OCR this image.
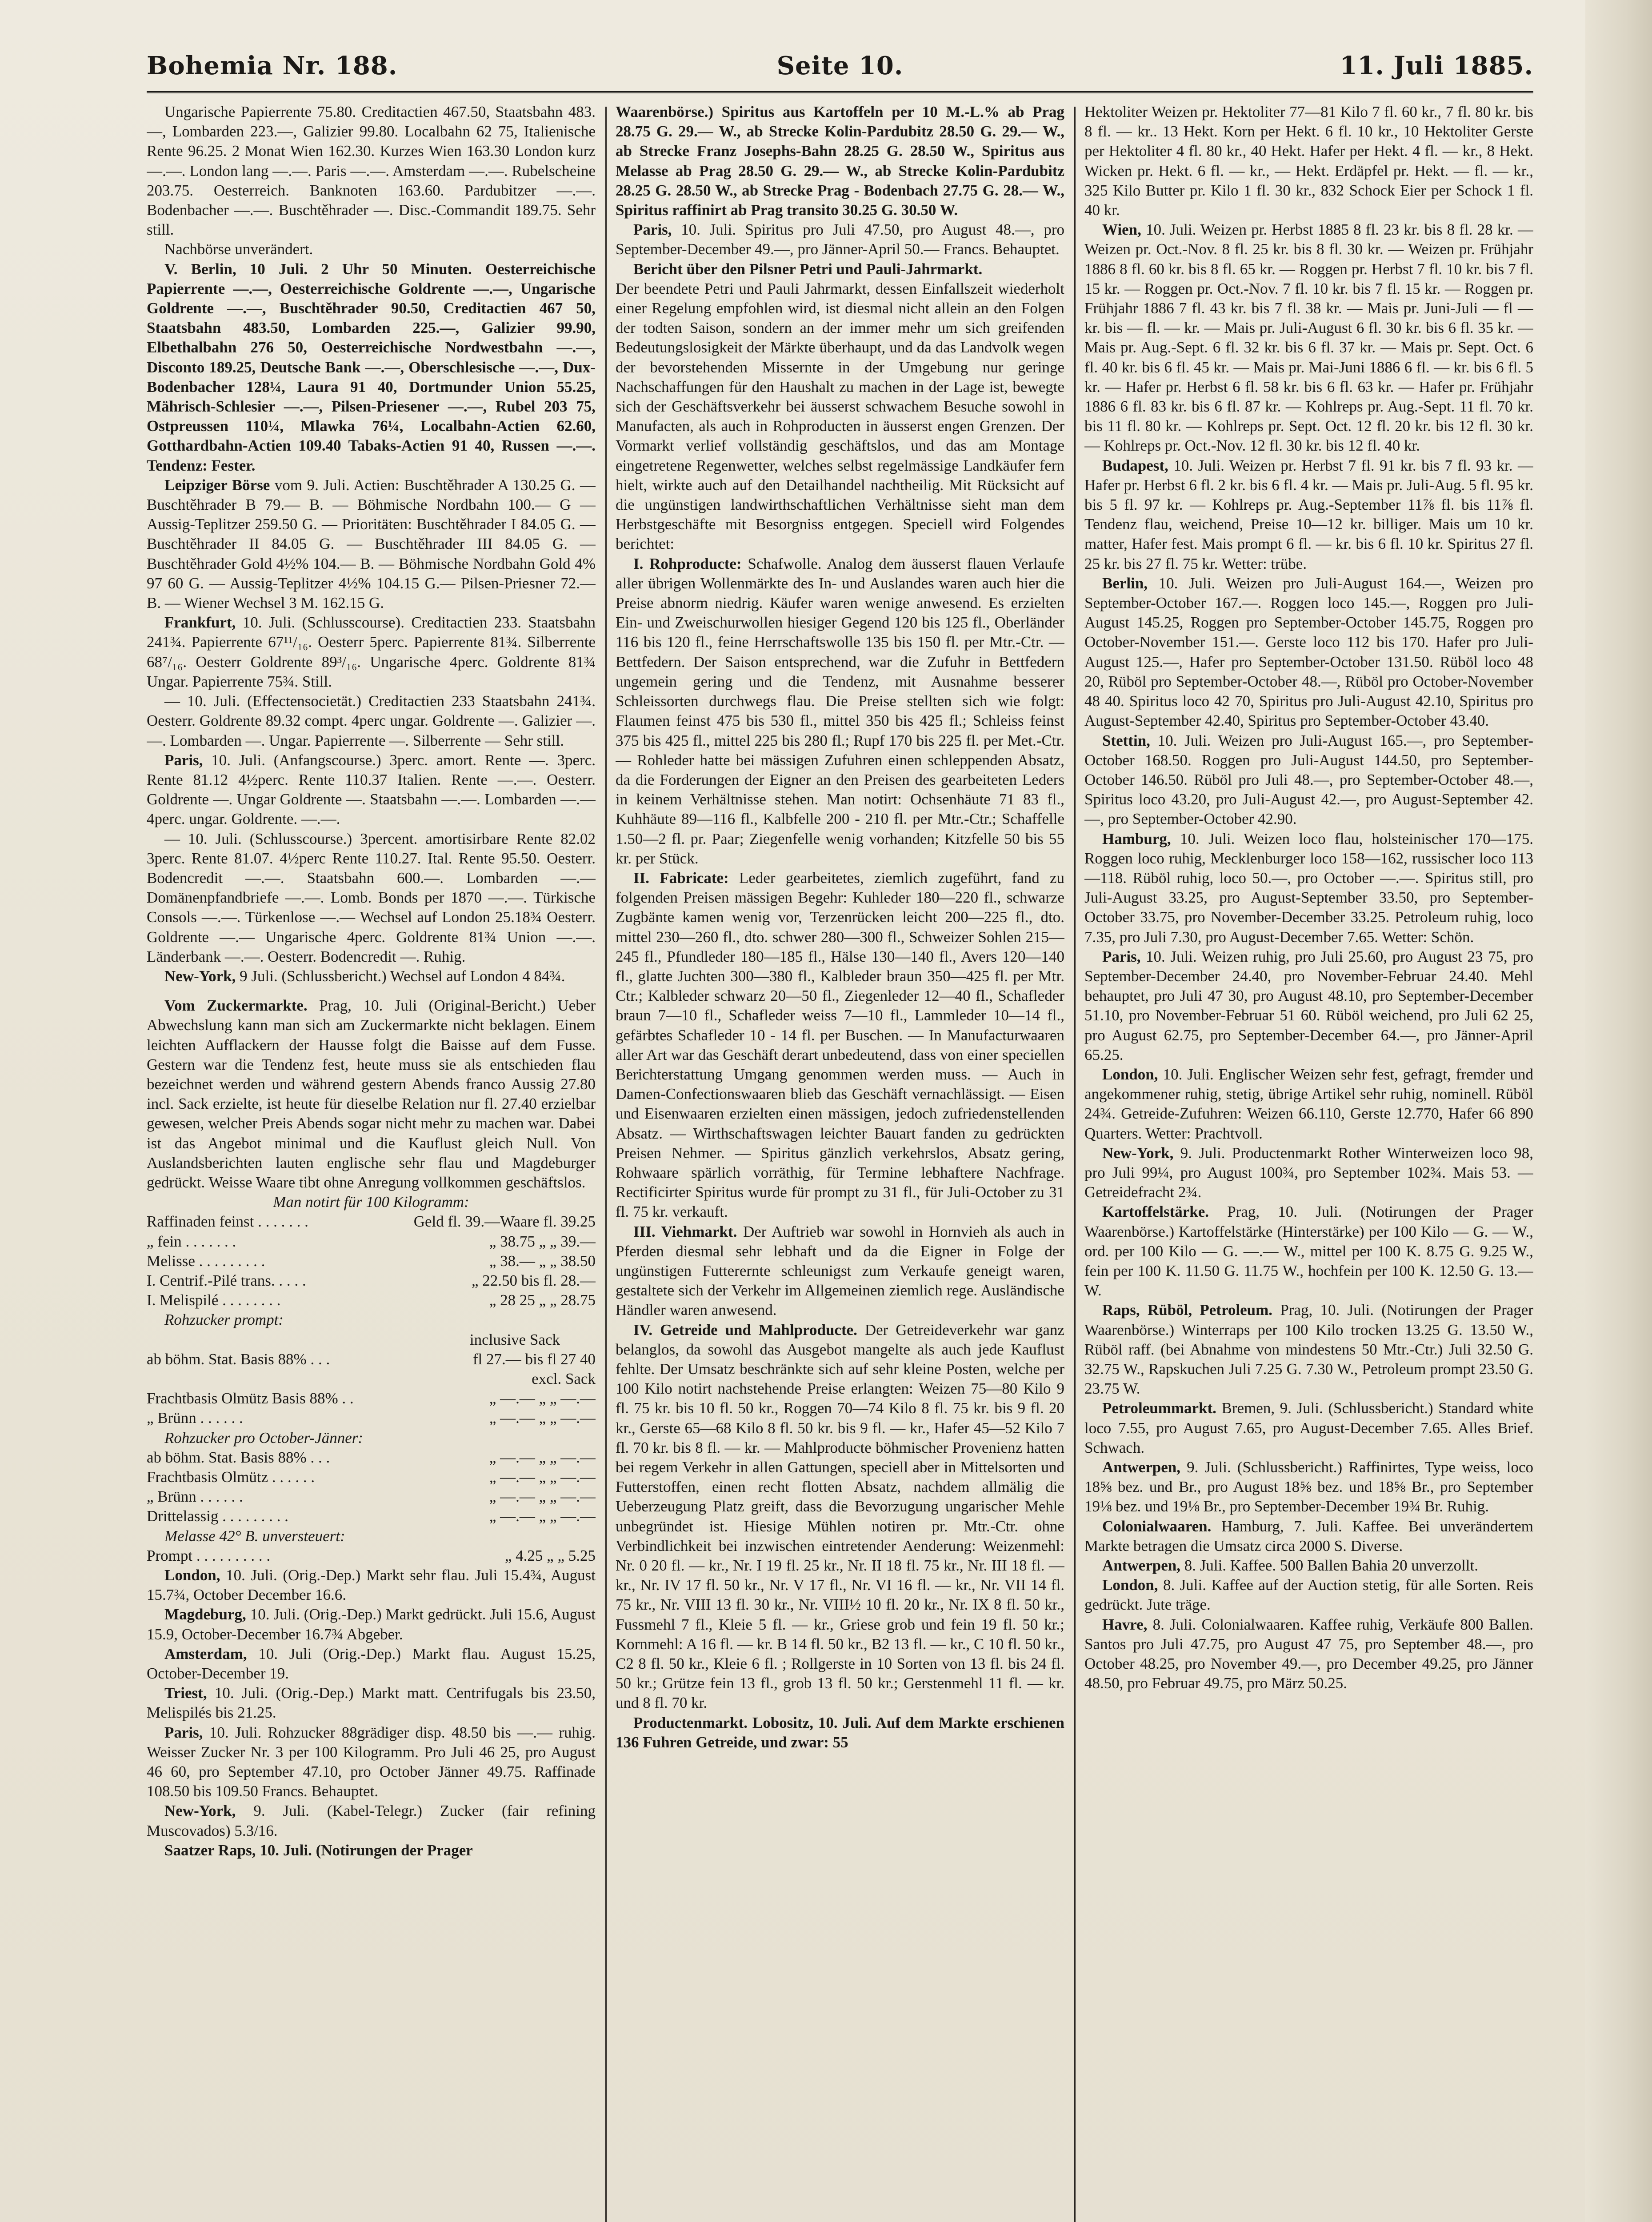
Bohemia Nr. 188.	Seite 10.	11. Juli 1885.

Ungarische Papierrente 75.80. Creditactien 467.50, Staatsbahn 483.—, Lombarden 223.—, Galizier 99.80. Localbahn 62 75, Italienische Rente 96.25. 2 Monat Wien 162.30. Kurzes Wien 163.30 London kurz —.—. London lang —.—. Paris —.—. Amsterdam —.—. Rubelscheine 203.75. Oesterreich. Banknoten 163.60. Pardubitzer —.—. Bodenbacher —.—. Buschtěhrader —. Disc.-Commandit 189.75. Sehr still.

Nachbörse unverändert.

V. Berlin, 10 Juli. 2 Uhr 50 Minuten. Oesterreichische Papierrente —.—, Oesterreichische Goldrente —.—, Ungarische Goldrente —.—, Buschtěhrader 90.50, Creditactien 467 50, Staatsbahn 483.50, Lombarden 225.—, Galizier 99.90, Elbethalbahn 276 50, Oesterreichische Nordwestbahn —.—, Disconto 189.25, Deutsche Bank —.—, Oberschlesische —.—, Dux-Bodenbacher 128¼, Laura 91 40, Dortmunder Union 55.25, Mährisch-Schlesier —.—, Pilsen-Priesener —.—, Rubel 203 75, Ostpreussen 110¼, Mlawka 76¼, Localbahn-Actien 62.60, Gotthardbahn-Actien 109.40 Tabaks-Actien 91 40, Russen —.—. Tendenz: Fester.

Leipziger Börse vom 9. Juli. Actien: Buschtěhrader A 130.25 G. — Buschtěhrader B 79.— B. — Böhmische Nordbahn 100.— G — Aussig-Teplitzer 259.50 G. — Prioritäten: Buschtěhrader I 84.05 G. — Buschtěhrader II 84.05 G. — Buschtěhrader III 84.05 G. — Buschtěhrader Gold 4½% 104.— B. — Böhmische Nordbahn Gold 4% 97 60 G. — Aussig-Teplitzer 4½% 104.15 G.— Pilsen-Priesner 72.— B. — Wiener Wechsel 3 M. 162.15 G.

Frankfurt, 10. Juli. (Schlusscourse). Creditactien 233. Staatsbahn 241¾. Papierrente 67¹¹/₁₆. Oesterr 5perc. Papierrente 81¾. Silberrente 68⁷/₁₆. Oesterr Goldrente 89³/₁₆. Ungarische 4perc. Goldrente 81¾ Ungar. Papierrente 75¾. Still.

— 10. Juli. (Effectensocietät.) Creditactien 233 Staatsbahn 241¾. Oesterr. Goldrente 89.32 compt. 4perc ungar. Goldrente —. Galizier —.—. Lombarden —. Ungar. Papierrente —. Silberrente — Sehr still.

Paris, 10. Juli. (Anfangscourse.) 3perc. amort. Rente —. 3perc. Rente 81.12 4½perc. Rente 110.37 Italien. Rente —.—. Oesterr. Goldrente —. Ungar Goldrente —. Staatsbahn —.—. Lombarden —.— 4perc. ungar. Goldrente. —.—.

— 10. Juli. (Schlusscourse.) 3percent. amortisirbare Rente 82.02 3perc. Rente 81.07. 4½perc Rente 110.27. Ital. Rente 95.50. Oesterr. Bodencredit —.—. Staatsbahn 600.—. Lombarden —.— Domänenpfandbriefe —.—. Lomb. Bonds per 1870 —.—. Türkische Consols —.—. Türkenlose —.— Wechsel auf London 25.18¾ Oesterr. Goldrente —.— Ungarische 4perc. Goldrente 81¾ Union —.—. Länderbank —.—. Oesterr. Bodencredit —. Ruhig.

New-York, 9 Juli. (Schlussbericht.) Wechsel auf London 4 84¾.

Vom Zuckermarkte. Prag, 10. Juli (Original-Bericht.) Ueber Abwechslung kann man sich am Zuckermarkte nicht beklagen. Einem leichten Aufflackern der Hausse folgt die Baisse auf dem Fusse. Gestern war die Tendenz fest, heute muss sie als entschieden flau bezeichnet werden und während gestern Abends franco Aussig 27.80 incl. Sack erzielte, ist heute für dieselbe Relation nur fl. 27.40 erzielbar gewesen, welcher Preis Abends sogar nicht mehr zu machen war. Dabei ist das Angebot minimal und die Kauflust gleich Null. Von Auslandsberichten lauten englische sehr flau und Magdeburger gedrückt. Weisse Waare tibt ohne Anregung vollkommen geschäftslos.

Man notirt für 100 Kilogramm:

Raffinaden feinst . . . . . . .	Geld fl. 39.—Waare fl. 39.25
„ fein . . . . . . .	„ 38.75 „ „ 39.—
Melisse . . . . . . . . .	„ 38.— „ „ 38.50
I. Centrif.-Pilé trans. . . . .	„ 22.50 bis fl. 28.—
I. Melispilé . . . . . . . .	„ 28 25 „ „ 28.75

Rohzucker prompt:

inclusive Sack

ab böhm. Stat. Basis 88% . . .	fl 27.— bis fl 27 40
	excl. Sack
Frachtbasis Olmütz Basis 88% . .	„ —.— „ „ —.—
„ Brünn . . . . . .	„ —.— „ „ —.—

Rohzucker pro October-Jänner:

ab böhm. Stat. Basis 88% . . .	„ —.— „ „ —.—
Frachtbasis Olmütz . . . . . .	„ —.— „ „ —.—
„ Brünn . . . . . .	„ —.— „ „ —.—
Drittelassig . . . . . . . . .	„ —.— „ „ —.—

Melasse 42° B. unversteuert:

Prompt . . . . . . . . . .	„ 4.25 „ „ 5.25

London, 10. Juli. (Orig.-Dep.) Markt sehr flau. Juli 15.4¾, August 15.7¾, October December 16.6.

Magdeburg, 10. Juli. (Orig.-Dep.) Markt gedrückt. Juli 15.6, August 15.9, October-December 16.7¾ Abgeber.

Amsterdam, 10. Juli (Orig.-Dep.) Markt flau. August 15.25, October-December 19.

Triest, 10. Juli. (Orig.-Dep.) Markt matt. Centrifugals bis 23.50, Melispilés bis 21.25.

Paris, 10. Juli. Rohzucker 88grädiger disp. 48.50 bis —.— ruhig. Weisser Zucker Nr. 3 per 100 Kilogramm. Pro Juli 46 25, pro August 46 60, pro September 47.10, pro October Jänner 49.75. Raffinade 108.50 bis 109.50 Francs. Behauptet.

New-York, 9. Juli. (Kabel-Telegr.) Zucker (fair refining Muscovados) 5.3/16.

Saatzer Raps, 10. Juli. (Notirungen der Prager

Waarenbörse.) Spiritus aus Kartoffeln per 10 M.-L.% ab Prag 28.75 G. 29.— W., ab Strecke Kolin-Pardubitz 28.50 G. 29.— W., ab Strecke Franz Josephs-Bahn 28.25 G. 28.50 W., Spiritus aus Melasse ab Prag 28.50 G. 29.— W., ab Strecke Kolin-Pardubitz 28.25 G. 28.50 W., ab Strecke Prag - Bodenbach 27.75 G. 28.— W., Spiritus raffinirt ab Prag transito 30.25 G. 30.50 W.

Paris, 10. Juli. Spiritus pro Juli 47.50, pro August 48.—, pro September-December 49.—, pro Jänner-April 50.— Francs. Behauptet.

Bericht über den Pilsner Petri und Pauli-Jahrmarkt.

Der beendete Petri und Pauli Jahrmarkt, dessen Einfallszeit wiederholt einer Regelung empfohlen wird, ist diesmal nicht allein an den Folgen der todten Saison, sondern an der immer mehr um sich greifenden Bedeutungslosigkeit der Märkte überhaupt, und da das Landvolk wegen der bevorstehenden Missernte in der Umgebung nur geringe Nachschaffungen für den Haushalt zu machen in der Lage ist, bewegte sich der Geschäftsverkehr bei äusserst schwachem Besuche sowohl in Manufacten, als auch in Rohproducten in äusserst engen Grenzen. Der Vormarkt verlief vollständig geschäftslos, und das am Montage eingetretene Regenwetter, welches selbst regelmässige Landkäufer fern hielt, wirkte auch auf den Detailhandel nachtheilig. Mit Rücksicht auf die ungünstigen landwirthschaftlichen Verhältnisse sieht man dem Herbstgeschäfte mit Besorgniss entgegen. Speciell wird Folgendes berichtet:

I. Rohproducte: Schafwolle. Analog dem äusserst flauen Verlaufe aller übrigen Wollenmärkte des In- und Auslandes waren auch hier die Preise abnorm niedrig. Käufer waren wenige anwesend. Es erzielten Ein- und Zweischurwollen hiesiger Gegend 120 bis 125 fl., Oberländer 116 bis 120 fl., feine Herrschaftswolle 135 bis 150 fl. per Mtr.-Ctr. — Bettfedern. Der Saison entsprechend, war die Zufuhr in Bettfedern ungemein gering und die Tendenz, mit Ausnahme besserer Schleissorten durchwegs flau. Die Preise stellten sich wie folgt: Flaumen feinst 475 bis 530 fl., mittel 350 bis 425 fl.; Schleiss feinst 375 bis 425 fl., mittel 225 bis 280 fl.; Rupf 170 bis 225 fl. per Met.-Ctr. — Rohleder hatte bei mässigen Zufuhren einen schleppenden Absatz, da die Forderungen der Eigner an den Preisen des gearbeiteten Leders in keinem Verhältnisse stehen. Man notirt: Ochsenhäute 71 83 fl., Kuhhäute 89—116 fl., Kalbfelle 200 - 210 fl. per Mtr.-Ctr.; Schaffelle 1.50—2 fl. pr. Paar; Ziegenfelle wenig vorhanden; Kitzfelle 50 bis 55 kr. per Stück.

II. Fabricate: Leder gearbeitetes, ziemlich zugeführt, fand zu folgenden Preisen mässigen Begehr: Kuhleder 180—220 fl., schwarze Zugbänte kamen wenig vor, Terzenrücken leicht 200—225 fl., dto. mittel 230—260 fl., dto. schwer 280—300 fl., Schweizer Sohlen 215—245 fl., Pfundleder 180—185 fl., Hälse 130—140 fl., Avers 120—140 fl., glatte Juchten 300—380 fl., Kalbleder braun 350—425 fl. per Mtr. Ctr.; Kalbleder schwarz 20—50 fl., Ziegenleder 12—40 fl., Schafleder braun 7—10 fl., Schafleder weiss 7—10 fl., Lammleder 10—14 fl., gefärbtes Schafleder 10 - 14 fl. per Buschen. — In Manufacturwaaren aller Art war das Geschäft derart unbedeutend, dass von einer speciellen Berichterstattung Umgang genommen werden muss. — Auch in Damen-Confectionswaaren blieb das Geschäft vernachlässigt. — Eisen und Eisenwaaren erzielten einen mässigen, jedoch zufriedenstellenden Absatz. — Wirthschaftswagen leichter Bauart fanden zu gedrückten Preisen Nehmer. — Spiritus gänzlich verkehrslos, Absatz gering, Rohwaare spärlich vorräthig, für Termine lebhaftere Nachfrage. Rectificirter Spiritus wurde für prompt zu 31 fl., für Juli-October zu 31 fl. 75 kr. verkauft.

III. Viehmarkt. Der Auftrieb war sowohl in Hornvieh als auch in Pferden diesmal sehr lebhaft und da die Eigner in Folge der ungünstigen Futterernte schleunigst zum Verkaufe geneigt waren, gestaltete sich der Verkehr im Allgemeinen ziemlich rege. Ausländische Händler waren anwesend.

IV. Getreide und Mahlproducte. Der Getreideverkehr war ganz belanglos, da sowohl das Ausgebot mangelte als auch jede Kauflust fehlte. Der Umsatz beschränkte sich auf sehr kleine Posten, welche per 100 Kilo notirt nachstehende Preise erlangten: Weizen 75—80 Kilo 9 fl. 75 kr. bis 10 fl. 50 kr., Roggen 70—74 Kilo 8 fl. 75 kr. bis 9 fl. 20 kr., Gerste 65—68 Kilo 8 fl. 50 kr. bis 9 fl. — kr., Hafer 45—52 Kilo 7 fl. 70 kr. bis 8 fl. — kr. — Mahlproducte böhmischer Provenienz hatten bei regem Verkehr in allen Gattungen, speciell aber in Mittelsorten und Futterstoffen, einen recht flotten Absatz, nachdem allmälig die Ueberzeugung Platz greift, dass die Bevorzugung ungarischer Mehle unbegründet ist. Hiesige Mühlen notiren pr. Mtr.-Ctr. ohne Verbindlichkeit bei inzwischen eintretender Aenderung: Weizenmehl: Nr. 0 20 fl. — kr., Nr. I 19 fl. 25 kr., Nr. II 18 fl. 75 kr., Nr. III 18 fl. — kr., Nr. IV 17 fl. 50 kr., Nr. V 17 fl., Nr. VI 16 fl. — kr., Nr. VII 14 fl. 75 kr., Nr. VIII 13 fl. 30 kr., Nr. VIII½ 10 fl. 20 kr., Nr. IX 8 fl. 50 kr., Fussmehl 7 fl., Kleie 5 fl. — kr., Griese grob und fein 19 fl. 50 kr.; Kornmehl: A 16 fl. — kr. B 14 fl. 50 kr., B2 13 fl. — kr., C 10 fl. 50 kr., C2 8 fl. 50 kr., Kleie 6 fl. ; Rollgerste in 10 Sorten von 13 fl. bis 24 fl. 50 kr.; Grütze fein 13 fl., grob 13 fl. 50 kr.; Gerstenmehl 11 fl. — kr. und 8 fl. 70 kr.

Productenmarkt. Lobositz, 10. Juli. Auf dem Markte erschienen 136 Fuhren Getreide, und zwar: 55

Hektoliter Weizen pr. Hektoliter 77—81 Kilo 7 fl. 60 kr., 7 fl. 80 kr. bis 8 fl. — kr.. 13 Hekt. Korn per Hekt. 6 fl. 10 kr., 10 Hektoliter Gerste per Hektoliter 4 fl. 80 kr., 40 Hekt. Hafer per Hekt. 4 fl. — kr., 8 Hekt. Wicken pr. Hekt. 6 fl. — kr., — Hekt. Erdäpfel pr. Hekt. — fl. — kr., 325 Kilo Butter pr. Kilo 1 fl. 30 kr., 832 Schock Eier per Schock 1 fl. 40 kr.

Wien, 10. Juli. Weizen pr. Herbst 1885 8 fl. 23 kr. bis 8 fl. 28 kr. — Weizen pr. Oct.-Nov. 8 fl. 25 kr. bis 8 fl. 30 kr. — Weizen pr. Frühjahr 1886 8 fl. 60 kr. bis 8 fl. 65 kr. — Roggen pr. Herbst 7 fl. 10 kr. bis 7 fl. 15 kr. — Roggen pr. Oct.-Nov. 7 fl. 10 kr. bis 7 fl. 15 kr. — Roggen pr. Frühjahr 1886 7 fl. 43 kr. bis 7 fl. 38 kr. — Mais pr. Juni-Juli — fl — kr. bis — fl. — kr. — Mais pr. Juli-August 6 fl. 30 kr. bis 6 fl. 35 kr. — Mais pr. Aug.-Sept. 6 fl. 32 kr. bis 6 fl. 37 kr. — Mais pr. Sept. Oct. 6 fl. 40 kr. bis 6 fl. 45 kr. — Mais pr. Mai-Juni 1886 6 fl. — kr. bis 6 fl. 5 kr. — Hafer pr. Herbst 6 fl. 58 kr. bis 6 fl. 63 kr. — Hafer pr. Frühjahr 1886 6 fl. 83 kr. bis 6 fl. 87 kr. — Kohlreps pr. Aug.-Sept. 11 fl. 70 kr. bis 11 fl. 80 kr. — Kohlreps pr. Sept. Oct. 12 fl. 20 kr. bis 12 fl. 30 kr. — Kohlreps pr. Oct.-Nov. 12 fl. 30 kr. bis 12 fl. 40 kr.

Budapest, 10. Juli. Weizen pr. Herbst 7 fl. 91 kr. bis 7 fl. 93 kr. — Hafer pr. Herbst 6 fl. 2 kr. bis 6 fl. 4 kr. — Mais pr. Juli-Aug. 5 fl. 95 kr. bis 5 fl. 97 kr. — Kohlreps pr. Aug.-September 11⅞ fl. bis 11⅞ fl. Tendenz flau, weichend, Preise 10—12 kr. billiger. Mais um 10 kr. matter, Hafer fest. Mais prompt 6 fl. — kr. bis 6 fl. 10 kr. Spiritus 27 fl. 25 kr. bis 27 fl. 75 kr. Wetter: trübe.

Berlin, 10. Juli. Weizen pro Juli-August 164.—, Weizen pro September-October 167.—. Roggen loco 145.—, Roggen pro Juli-August 145.25, Roggen pro September-October 145.75, Roggen pro October-November 151.—. Gerste loco 112 bis 170. Hafer pro Juli-August 125.—, Hafer pro September-October 131.50. Rüböl loco 48 20, Rüböl pro September-October 48.—, Rüböl pro October-November 48 40. Spiritus loco 42 70, Spiritus pro Juli-August 42.10, Spiritus pro August-September 42.40, Spiritus pro September-October 43.40.

Stettin, 10. Juli. Weizen pro Juli-August 165.—, pro September-October 168.50. Roggen pro Juli-August 144.50, pro September-October 146.50. Rüböl pro Juli 48.—, pro September-October 48.—, Spiritus loco 43.20, pro Juli-August 42.—, pro August-September 42.—, pro September-October 42.90.

Hamburg, 10. Juli. Weizen loco flau, holsteinischer 170—175. Roggen loco ruhig, Mecklenburger loco 158—162, russischer loco 113—118. Rüböl ruhig, loco 50.—, pro October —.—. Spiritus still, pro Juli-August 33.25, pro August-September 33.50, pro September-October 33.75, pro November-December 33.25. Petroleum ruhig, loco 7.35, pro Juli 7.30, pro August-December 7.65. Wetter: Schön.

Paris, 10. Juli. Weizen ruhig, pro Juli 25.60, pro August 23 75, pro September-December 24.40, pro November-Februar 24.40. Mehl behauptet, pro Juli 47 30, pro August 48.10, pro September-December 51.10, pro November-Februar 51 60. Rüböl weichend, pro Juli 62 25, pro August 62.75, pro September-December 64.—, pro Jänner-April 65.25.

London, 10. Juli. Englischer Weizen sehr fest, gefragt, fremder und angekommener ruhig, stetig, übrige Artikel sehr ruhig, nominell. Rüböl 24¾. Getreide-Zufuhren: Weizen 66.110, Gerste 12.770, Hafer 66 890 Quarters. Wetter: Prachtvoll.

New-York, 9. Juli. Productenmarkt Rother Winterweizen loco 98, pro Juli 99¼, pro August 100¾, pro September 102¾. Mais 53. — Getreidefracht 2¾.

Kartoffelstärke. Prag, 10. Juli. (Notirungen der Prager Waarenbörse.) Kartoffelstärke (Hinterstärke) per 100 Kilo — G. — W., ord. per 100 Kilo — G. —.— W., mittel per 100 K. 8.75 G. 9.25 W., fein per 100 K. 11.50 G. 11.75 W., hochfein per 100 K. 12.50 G. 13.— W.

Raps, Rüböl, Petroleum. Prag, 10. Juli. (Notirungen der Prager Waarenbörse.) Winterraps per 100 Kilo trocken 13.25 G. 13.50 W., Rüböl raff. (bei Abnahme von mindestens 50 Mtr.-Ctr.) Juli 32.50 G. 32.75 W., Rapskuchen Juli 7.25 G. 7.30 W., Petroleum prompt 23.50 G. 23.75 W.

Petroleummarkt. Bremen, 9. Juli. (Schlussbericht.) Standard white loco 7.55, pro August 7.65, pro August-December 7.65. Alles Brief. Schwach.

Antwerpen, 9. Juli. (Schlussbericht.) Raffinirtes, Type weiss, loco 18⅝ bez. und Br., pro August 18⅝ bez. und 18⅝ Br., pro September 19⅛ bez. und 19⅛ Br., pro September-December 19¾ Br. Ruhig.

Colonialwaaren. Hamburg, 7. Juli. Kaffee. Bei unverändertem Markte betragen die Umsatz circa 2000 S. Diverse.

Antwerpen, 8. Juli. Kaffee. 500 Ballen Bahia 20 unverzollt.

London, 8. Juli. Kaffee auf der Auction stetig, für alle Sorten. Reis gedrückt. Jute träge.

Havre, 8. Juli. Colonialwaaren. Kaffee ruhig, Verkäufe 800 Ballen. Santos pro Juli 47.75, pro August 47 75, pro September 48.—, pro October 48.25, pro November 49.—, pro December 49.25, pro Jänner 48.50, pro Februar 49.75, pro März 50.25.
